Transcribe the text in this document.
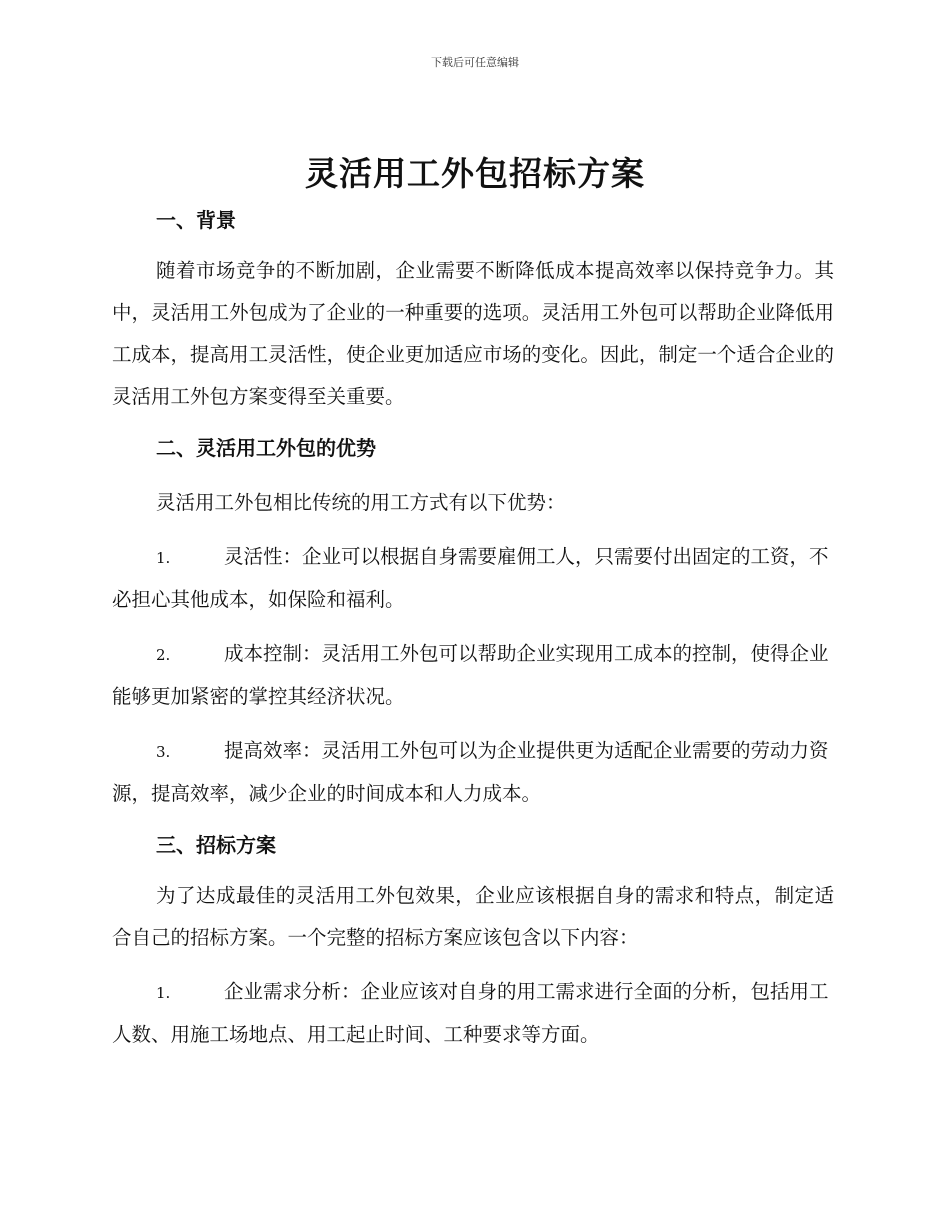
下载后可任意编辑
灵活用工外包招标方案
一、背景

随着市场竞争的不断加剧，企业需要不断降低成本提高效率以保持竞争力。其中，灵活用工外包成为了企业的一种重要的选项。灵活用工外包可以帮助企业降低用工成本，提高用工灵活性，使企业更加适应市场的变化。因此，制定一个适合企业的灵活用工外包方案变得至关重要。

二、灵活用工外包的优势

灵活用工外包相比传统的用工方式有以下优势：

1.	灵活性：企业可以根据自身需要雇佣工人，只需要付出固定的工资，不必担心其他成本，如保险和福利。

2.	成本控制：灵活用工外包可以帮助企业实现用工成本的控制，使得企业能够更加紧密的掌控其经济状况。

3.	提高效率：灵活用工外包可以为企业提供更为适配企业需要的劳动力资源，提高效率，减少企业的时间成本和人力成本。

三、招标方案

为了达成最佳的灵活用工外包效果，企业应该根据自身的需求和特点，制定适合自己的招标方案。一个完整的招标方案应该包含以下内容：

1.	企业需求分析：企业应该对自身的用工需求进行全面的分析，包括用工人数、用施工场地点、用工起止时间、工种要求等方面。
